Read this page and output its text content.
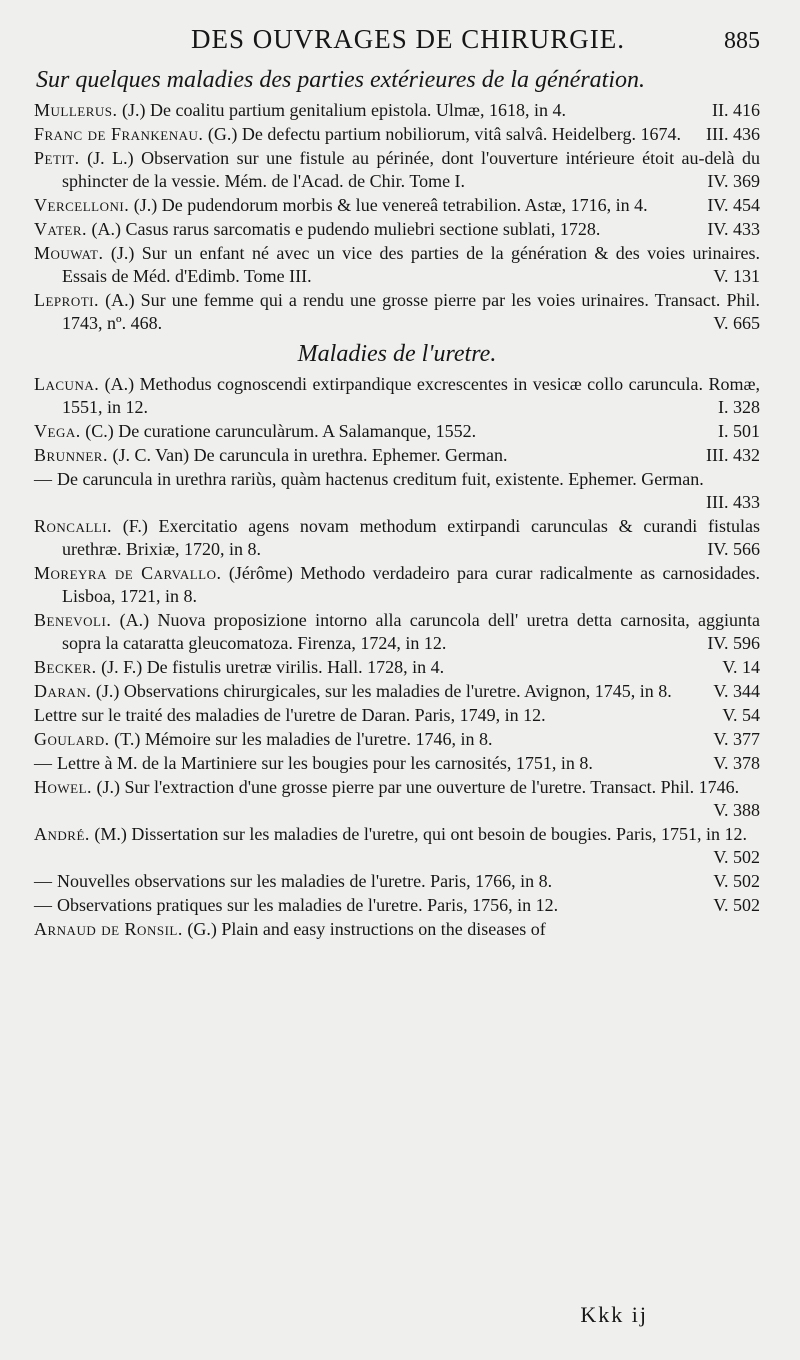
DES OUVRAGES DE CHIRURGIE.	885
Sur quelques maladies des parties extérieures de la génération.
Mullerus. (J.) De coalitu partium genitalium epistola. Ulmæ, 1618, in 4.	II. 416
Franc de Frankenau. (G.) De defectu partium nobiliorum, vitâ salvâ. Heidelberg. 1674. III. 436
Petit. (J. L.) Observation sur une fistule au périnée, dont l'ouverture intérieure étoit au-delà du sphincter de la vessie. Mém. de l'Acad. de Chir. Tome I.	IV. 369
Vercelloni. (J.) De pudendorum morbis & lue venereâ tetrabilion. Astæ, 1716, in 4.	IV. 454
Vater. (A.) Casus rarus sarcomatis e pudendo muliebri sectione sublati, 1728.	IV. 433
Mouwat. (J.) Sur un enfant né avec un vice des parties de la génération & des voies urinaires. Essais de Méd. d'Edimb. Tome III.	V. 131
Leproti. (A.) Sur une femme qui a rendu une grosse pierre par les voies urinaires. Transact. Phil. 1743, nº. 468.	V. 665
Maladies de l'uretre.
Lacuna. (A.) Methodus cognoscendi extirpandique excrescentes in vesicæ collo caruncula. Romæ, 1551, in 12.	I. 328
Vega. (C.) De curatione carunculàrum. A Salamanque, 1552.	I. 501
Brunner. (J. C. Van) De caruncula in urethra. Ephemer. German.	III. 432
— De caruncula in urethra rariùs, quàm hactenus creditum fuit, existente. Ephemer. German.
III. 433
Roncalli. (F.) Exercitatio agens novam methodum extirpandi carunculas & curandi fistulas urethræ. Brixiæ, 1720, in 8.	IV. 566
Moreyra de Carvallo. (Jérôme) Methodo verdadeiro para curar radicalmente as carnosidades. Lisboa, 1721, in 8.
Benevoli. (A.) Nuova proposizione intorno alla caruncola dell' uretra detta carnosita, aggiunta sopra la cataratta gleucomatoza. Firenza, 1724, in 12.	IV. 596
Becker. (J. F.) De fistulis uretræ virilis. Hall. 1728, in 4.	V. 14
Daran. (J.) Observations chirurgicales, sur les maladies de l'uretre. Avignon, 1745, in 8. V. 344
Lettre sur le traité des maladies de l'uretre de Daran. Paris, 1749, in 12.	V. 54
Goulard. (T.) Mémoire sur les maladies de l'uretre. 1746, in 8.	V. 377
— Lettre à M. de la Martiniere sur les bougies pour les carnosités, 1751, in 8.	V. 378
Howel. (J.) Sur l'extraction d'une grosse pierre par une ouverture de l'uretre. Transact. Phil. 1746.
V. 388
André. (M.) Dissertation sur les maladies de l'uretre, qui ont besoin de bougies. Paris, 1751, in 12.
V. 502
— Nouvelles observations sur les maladies de l'uretre. Paris, 1766, in 8.	V. 502
— Observations pratiques sur les maladies de l'uretre. Paris, 1756, in 12.	V. 502
Arnaud de Ronsil. (G.) Plain and easy instructions on the diseases of
Kkk ij
